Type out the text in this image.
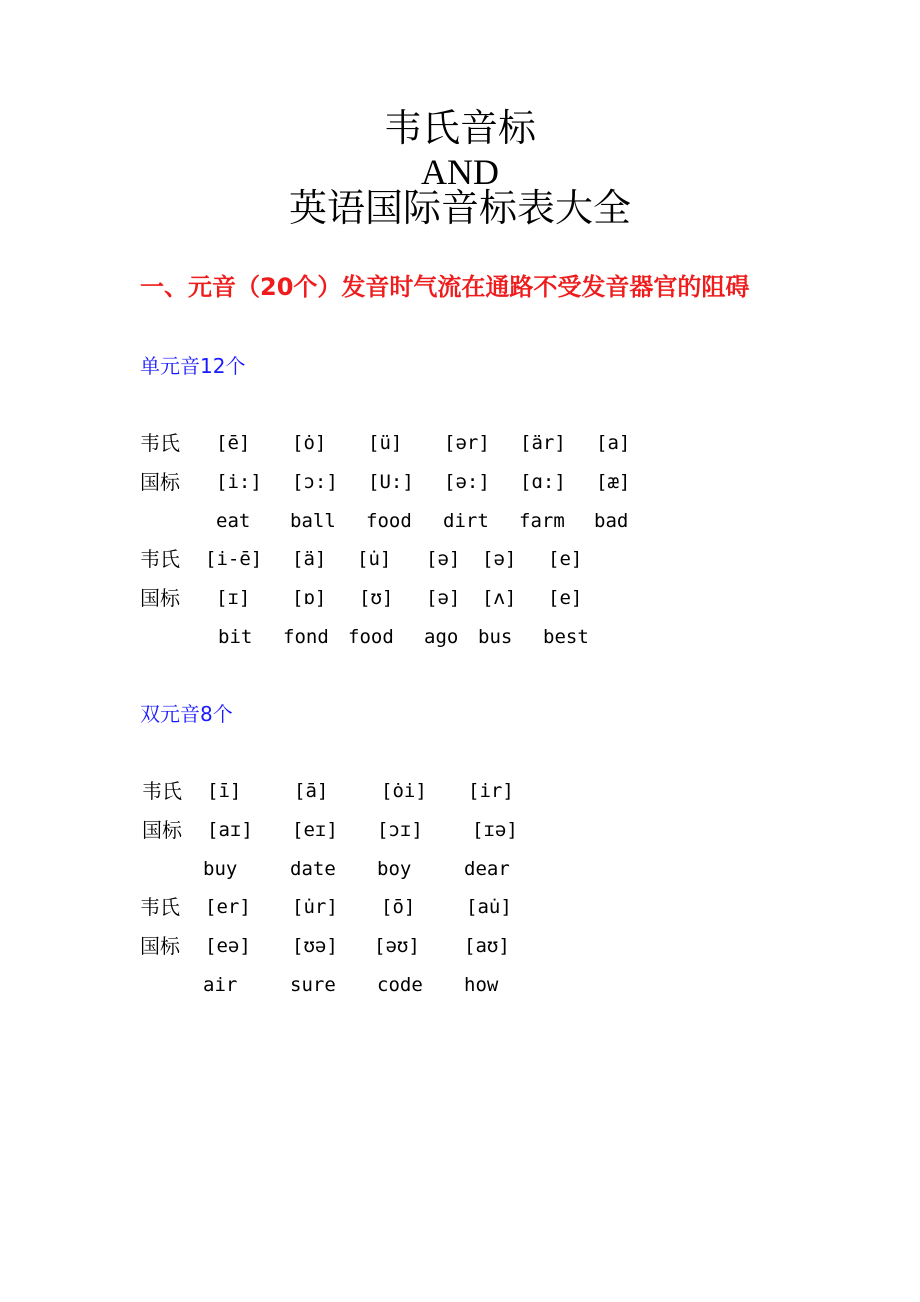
韦氏音标
AND
英语国际音标表大全
一、元音（20个）发音时气流在通路不受发音器官的阻碍
单元音12个
韦氏 [ē] [ȯ] [ü] [ər] [är] [a]
国标 [i:] [ɔ:] [U:] [ə:] [ɑ:] [æ]
eat ball food dirt farm bad
韦氏 [i-ē] [ä] [u̇] [ə] [ə] [e]
国标 [ɪ] [ɒ] [ʊ] [ə] [ʌ] [e]
bit fond food ago bus best
双元音8个
韦氏 [ī]	[ā]	[ȯi] [ir]
国标 [aɪ] [eɪ] [ɔɪ]	[ɪə]
buy	date boy	dear
韦氏 [er] [u̇r] [ō]	[au̇]
国标 [eə] [ʊə] [əʊ] [aʊ]
air	sure code how
